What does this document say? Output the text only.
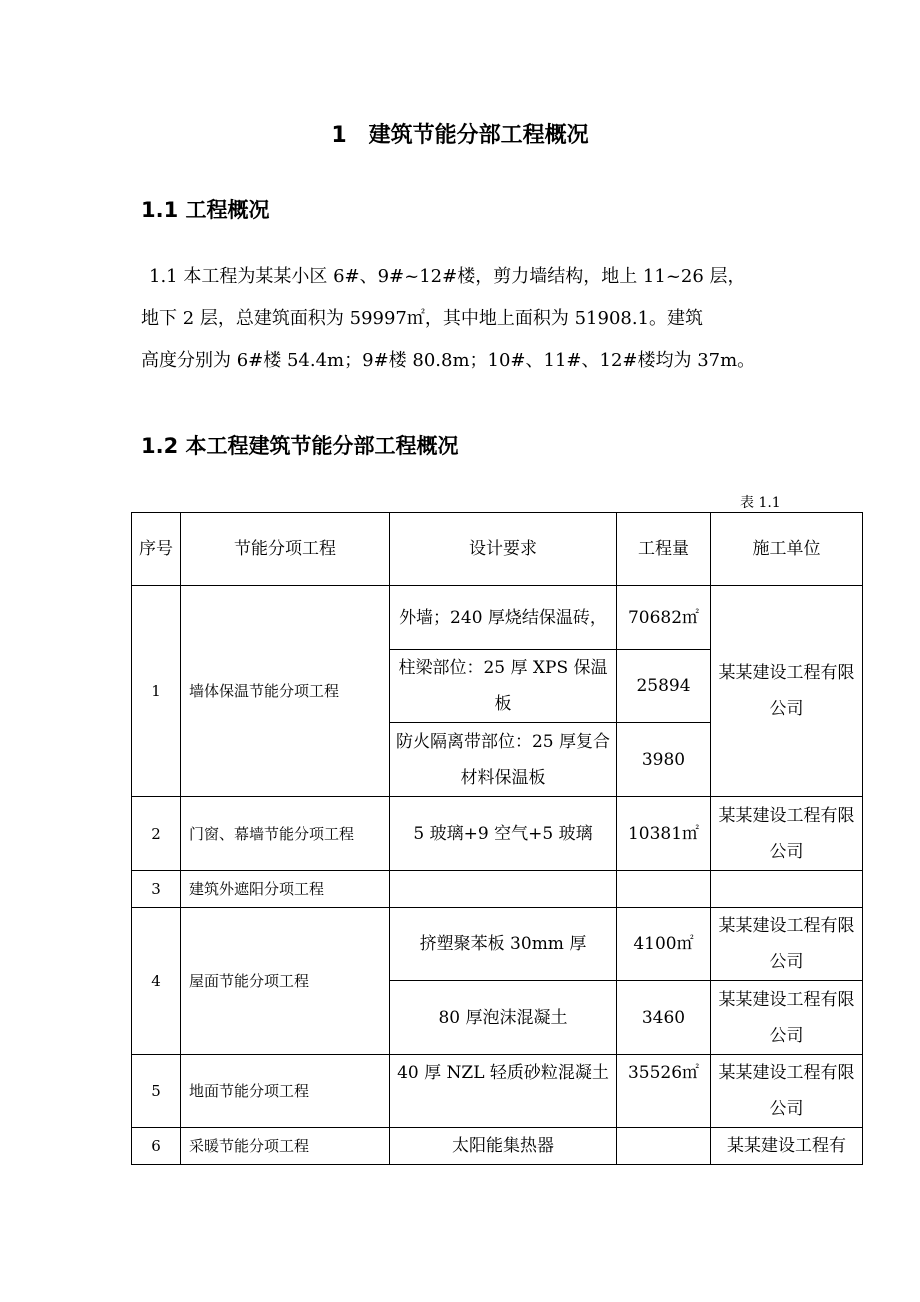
1 建筑节能分部工程概况
1.1 工程概况
1.1 本工程为某某小区 6#、9#~12#楼，剪力墙结构，地上 11~26 层，
地下 2 层，总建筑面积为 59997㎡，其中地上面积为 51908.1。建筑
高度分别为 6#楼 54.4m；9#楼 80.8m；10#、11#、12#楼均为 37m。
1.2 本工程建筑节能分部工程概况
表 1.1
序号	节能分项工程	设计要求	工程量	施工单位
1	墙体保温节能分项工程	外墙；240 厚烧结保温砖，	70682㎡	某某建设工程有限公司
		柱梁部位：25 厚 XPS 保温板	25894	
		防火隔离带部位：25 厚复合材料保温板	3980	
2	门窗、幕墙节能分项工程	5 玻璃+9 空气+5 玻璃	10381㎡	某某建设工程有限公司
3	建筑外遮阳分项工程			
4	屋面节能分项工程	挤塑聚苯板 30mm 厚	4100㎡	某某建设工程有限公司
		80 厚泡沫混凝土	3460	某某建设工程有限公司
5	地面节能分项工程	40 厚 NZL 轻质砂粒混凝土	35526㎡	某某建设工程有限公司
6	采暖节能分项工程	太阳能集热器		某某建设工程有
